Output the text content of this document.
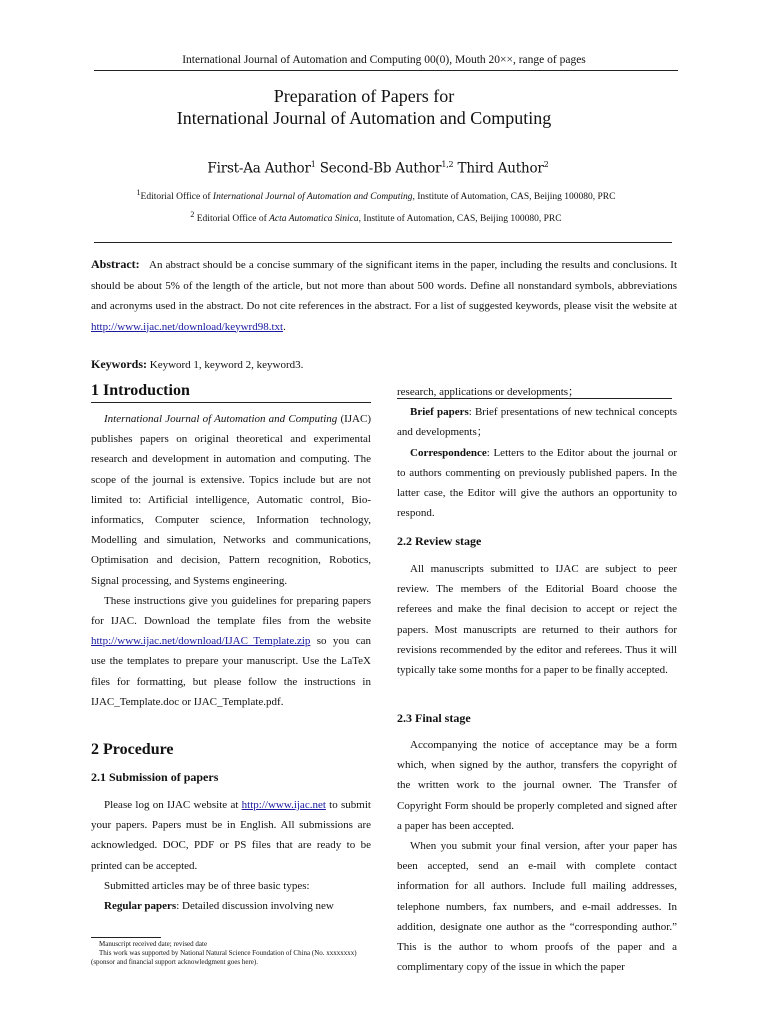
International Journal of Automation and Computing 00(0), Mouth 20××, range of pages
Preparation of Papers for
International Journal of Automation and Computing
First-Aa Author$^1$ Second-Bb Author$^{1,2}$ Third Author$^2$
$^1$Editorial Office of International Journal of Automation and Computing, Institute of Automation, CAS, Beijing 100080, PRC
$^2$ Editorial Office of Acta Automatica Sinica, Institute of Automation, CAS, Beijing 100080, PRC
Abstract: An abstract should be a concise summary of the significant items in the paper, including the results and conclusions. It should be about 5% of the length of the article, but not more than about 500 words. Define all nonstandard symbols, abbreviations and acronyms used in the abstract. Do not cite references in the abstract. For a list of suggested keywords, please visit the website at http://www.ijac.net/download/keywrd98.txt.
Keywords: Keyword 1, keyword 2, keyword3.
1 Introduction

International Journal of Automation and Computing (IJAC) publishes papers on original theoretical and experimental research and development in automation and computing. The scope of the journal is extensive. Topics include but are not limited to: Artificial intelligence, Automatic control, Bio-informatics, Computer science, Information technology, Modelling and simulation, Networks and communications, Optimisation and decision, Pattern recognition, Robotics, Signal processing, and Systems engineering.

These instructions give you guidelines for preparing papers for IJAC. Download the template files from the website http://www.ijac.net/download/IJAC_Template.zip so you can use the templates to prepare your manuscript. Use the LaTeX files for formatting, but please follow the instructions in IJAC_Template.doc or IJAC_Template.pdf.

2 Procedure
2.1 Submission of papers

Please log on IJAC website at http://www.ijac.net to submit your papers. Papers must be in English. All submissions are acknowledged. DOC, PDF or PS files that are ready to be printed can be accepted.

Submitted articles may be of three basic types:

Regular papers: Detailed discussion involving new

Manuscript received date; revised date
This work was supported by National Natural Science Foundation of China (No. xxxxxxxx) (sponsor and financial support acknowledgment goes here).

research, applications or developments；

Brief papers: Brief presentations of new technical concepts and developments；

Correspondence: Letters to the Editor about the journal or to authors commenting on previously published papers. In the latter case, the Editor will give the authors an opportunity to respond.

2.2 Review stage

All manuscripts submitted to IJAC are subject to peer review. The members of the Editorial Board choose the referees and make the final decision to accept or reject the papers. Most manuscripts are returned to their authors for revisions recommended by the editor and referees. Thus it will typically take some months for a paper to be finally accepted.

2.3 Final stage

Accompanying the notice of acceptance may be a form which, when signed by the author, transfers the copyright of the written work to the journal owner. The Transfer of Copyright Form should be properly completed and signed after a paper has been accepted.

When you submit your final version, after your paper has been accepted, send an e-mail with complete contact information for all authors. Include full mailing addresses, telephone numbers, fax numbers, and e-mail addresses. In addition, designate one author as the “corresponding author.” This is the author to whom proofs of the paper and a complimentary copy of the issue in which the paper
